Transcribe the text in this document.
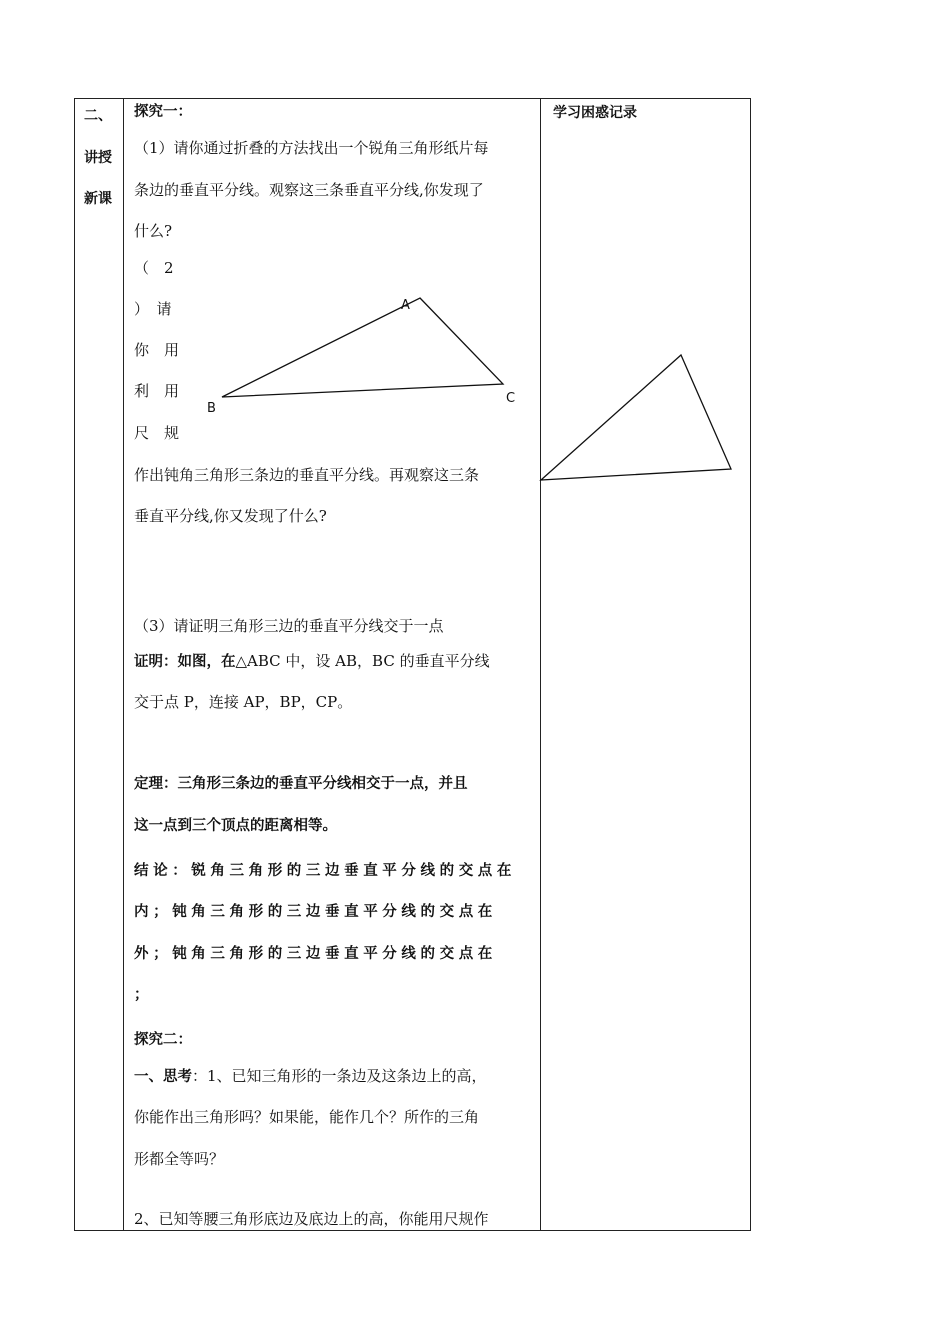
二、
讲授
新课
学习困惑记录
探究一：
（1）请你通过折叠的方法找出一个锐角三角形纸片每
条边的垂直平分线。观察这三条垂直平分线,你发现了
什么?
（　2
）　请
你　用
利　用
尺　规
作出钝角三角形三条边的垂直平分线。再观察这三条
垂直平分线,你又发现了什么?
（3）请证明三角形三边的垂直平分线交于一点
证明：如图，在△ABC 中，设 AB，BC 的垂直平分线
交于点 P，连接 AP，BP，CP。
定理：三角形三条边的垂直平分线相交于一点，并且
这一点到三个顶点的距离相等。
结论：锐角三角形的三边垂直平分线的交点在
内；钝角三角形的三边垂直平分线的交点在
外；钝角三角形的三边垂直平分线的交点在
；
探究二：
一、思考：1、已知三角形的一条边及这条边上的高，
你能作出三角形吗？如果能，能作几个？所作的三角
形都全等吗？
2、已知等腰三角形底边及底边上的高，你能用尺规作
A
B
C
